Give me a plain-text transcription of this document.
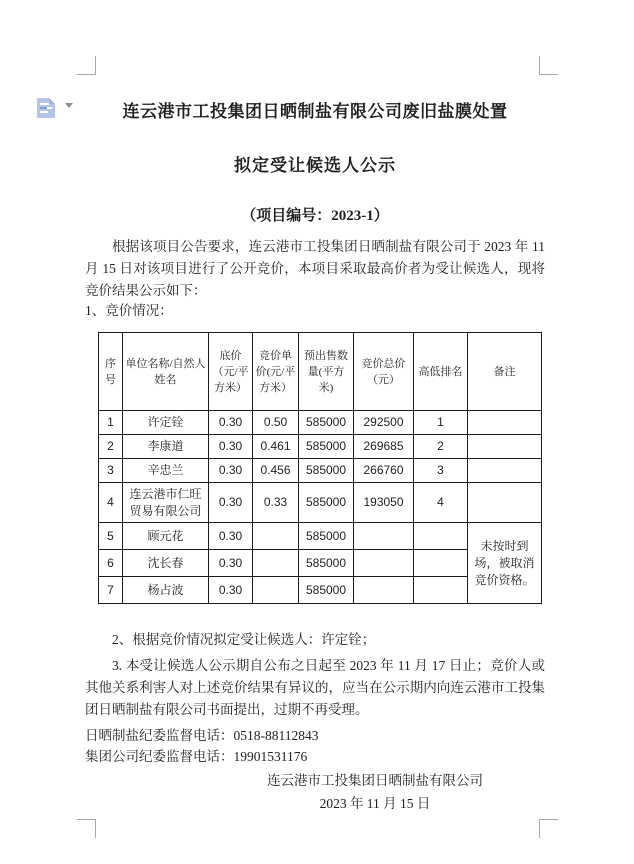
连云港市工投集团日晒制盐有限公司废旧盐膜处置
拟定受让候选人公示
（项目编号：2023-1）
根据该项目公告要求，连云港市工投集团日晒制盐有限公司于 2023 年 11 月 15 日对该项目进行了公开竞价，本项目采取最高价者为受让候选人，现将竞价结果公示如下：
1、竞价情况：
序号	单位名称/自然人姓名	底价（元/平方米）	竞价单价(元/平方米）	预出售数量(平方米)	竞价总价（元）	高低排名	备注
1	许定铨	0.30	0.50	585000	292500	1	
2	李康道	0.30	0.461	585000	269685	2	
3	辛忠兰	0.30	0.456	585000	266760	3	
4	连云港市仁旺贸易有限公司	0.30	0.33	585000	193050	4	
5	顾元花	0.30		585000			未按时到场，被取消竞价资格。
6	沈长春	0.30		585000			
7	杨占波	0.30		585000			
2、根据竞价情况拟定受让候选人：许定铨；
3. 本受让候选人公示期自公布之日起至 2023 年 11 月 17 日止；竞价人或其他关系利害人对上述竞价结果有异议的，应当在公示期内向连云港市工投集团日晒制盐有限公司书面提出，过期不再受理。
日晒制盐纪委监督电话：0518-88112843
集团公司纪委监督电话：19901531176
连云港市工投集团日晒制盐有限公司
2023 年 11 月 15 日
